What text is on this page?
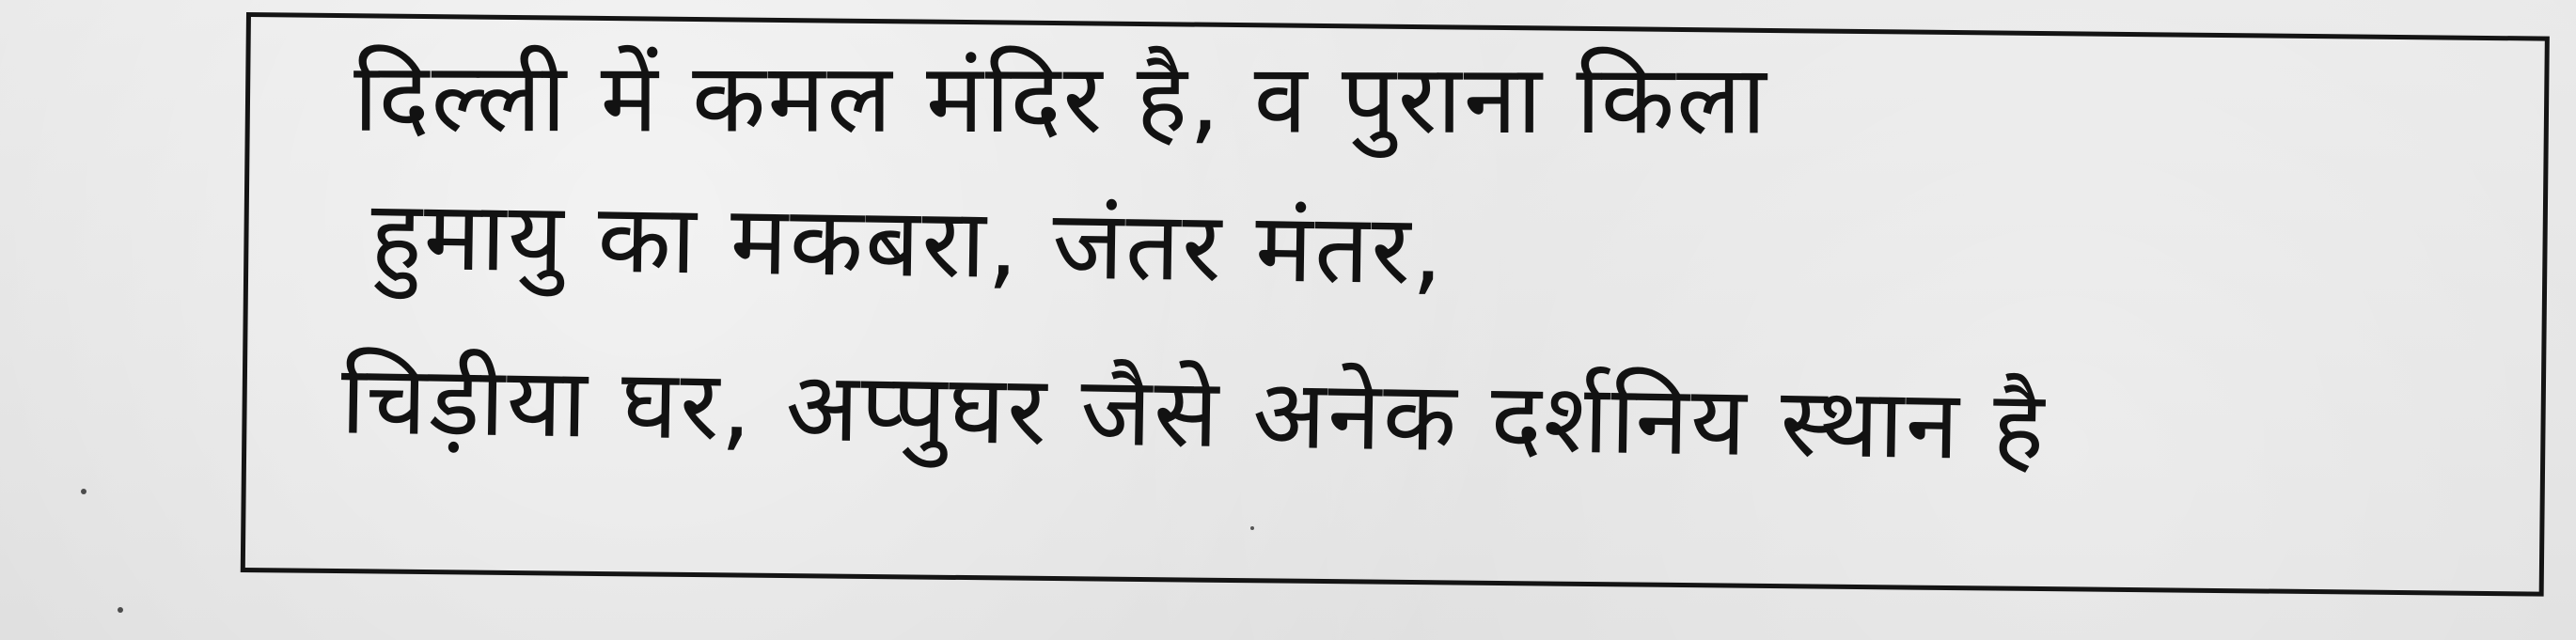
दिल्ली में कमल मंदिर है, व पुराना किला

हुमायु का मकबरा, जंतर मंतर,

चिड़ीया घर, अप्पुघर जैसे अनेक दर्शनिय स्थान है
